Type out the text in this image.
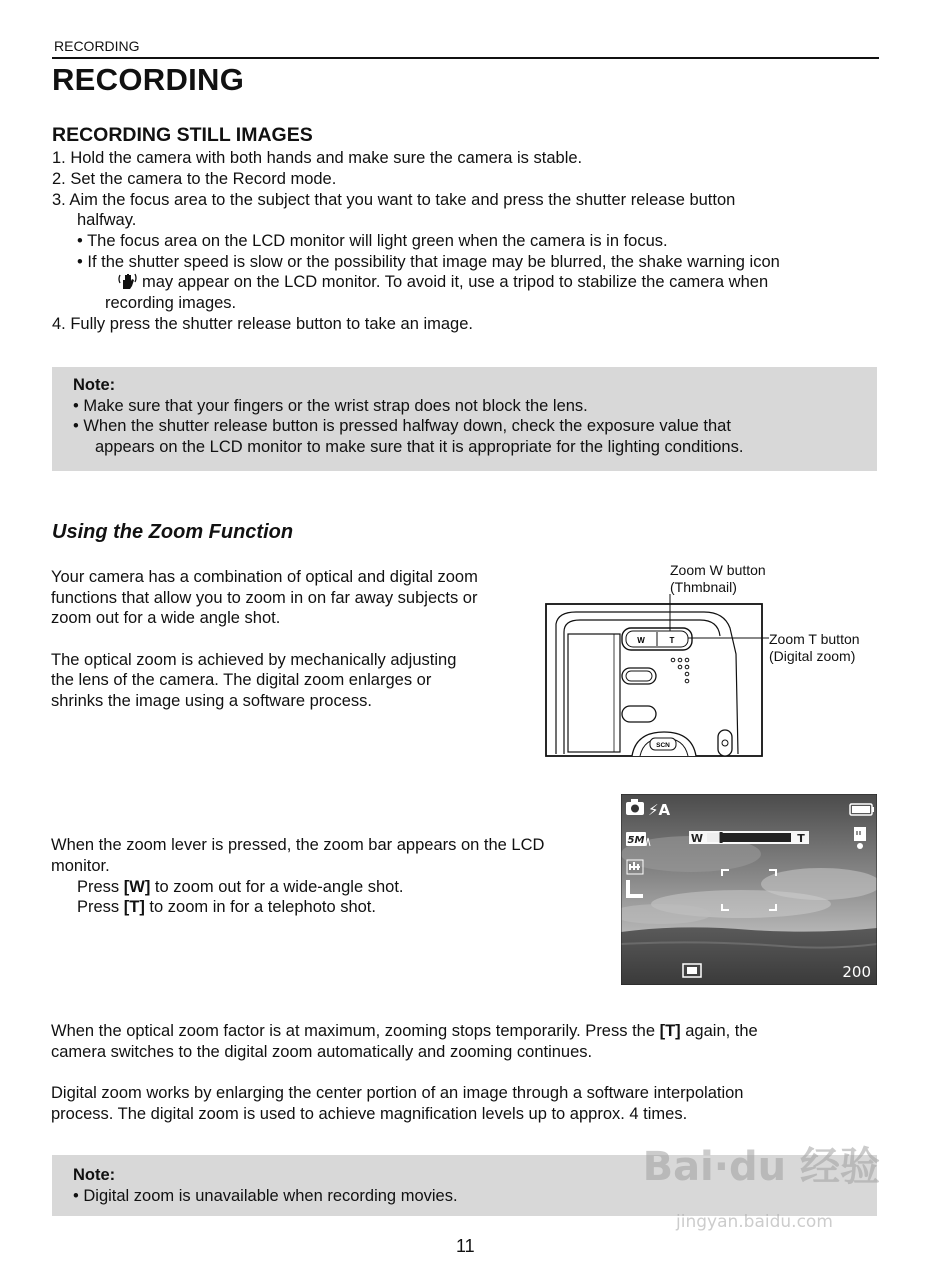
RECORDING
RECORDING
RECORDING STILL IMAGES
1. Hold the camera with both hands and make sure the camera is stable.
2. Set the camera to the Record mode.
3. Aim the focus area to the subject that you want to take and press the shutter release button
halfway.
• The focus area on the LCD monitor will light green when the camera is in focus.
• If the shutter speed is slow or the possibility that image may be blurred, the shake warning icon
may appear on the LCD monitor. To avoid it, use a tripod to stabilize the camera when
recording images.
4. Fully press the shutter release button to take an image.
Note:
• Make sure that your fingers or the wrist strap does not block the lens.
• When the shutter release button is pressed halfway down, check the exposure value that
appears on the LCD monitor to make sure that it is appropriate for the lighting conditions.
Using the Zoom Function
Your camera has a combination of optical and digital zoom
functions that allow you to zoom in on far away subjects or
zoom out for a wide angle shot.
The optical zoom is achieved by mechanically adjusting
the lens of the camera. The digital zoom enlarges or
shrinks the image using a software process.
Zoom W button
(Thmbnail)
Zoom T button
(Digital zoom)
W	T
SCN
When the zoom lever is pressed, the zoom bar appears on the LCD
monitor.
Press [W] to zoom out for a wide-angle shot.
Press [T] to zoom in for a telephoto shot.
⚡A
5M	W	T
200
When the optical zoom factor is at maximum, zooming stops temporarily. Press the [T] again, the
camera switches to the digital zoom automatically and zooming continues.
Digital zoom works by enlarging the center portion of an image through a software interpolation
process. The digital zoom is used to achieve magnification levels up to approx. 4 times.
Note:
• Digital zoom is unavailable when recording movies.
Bai·du 经验
jingyan.baidu.com
11
